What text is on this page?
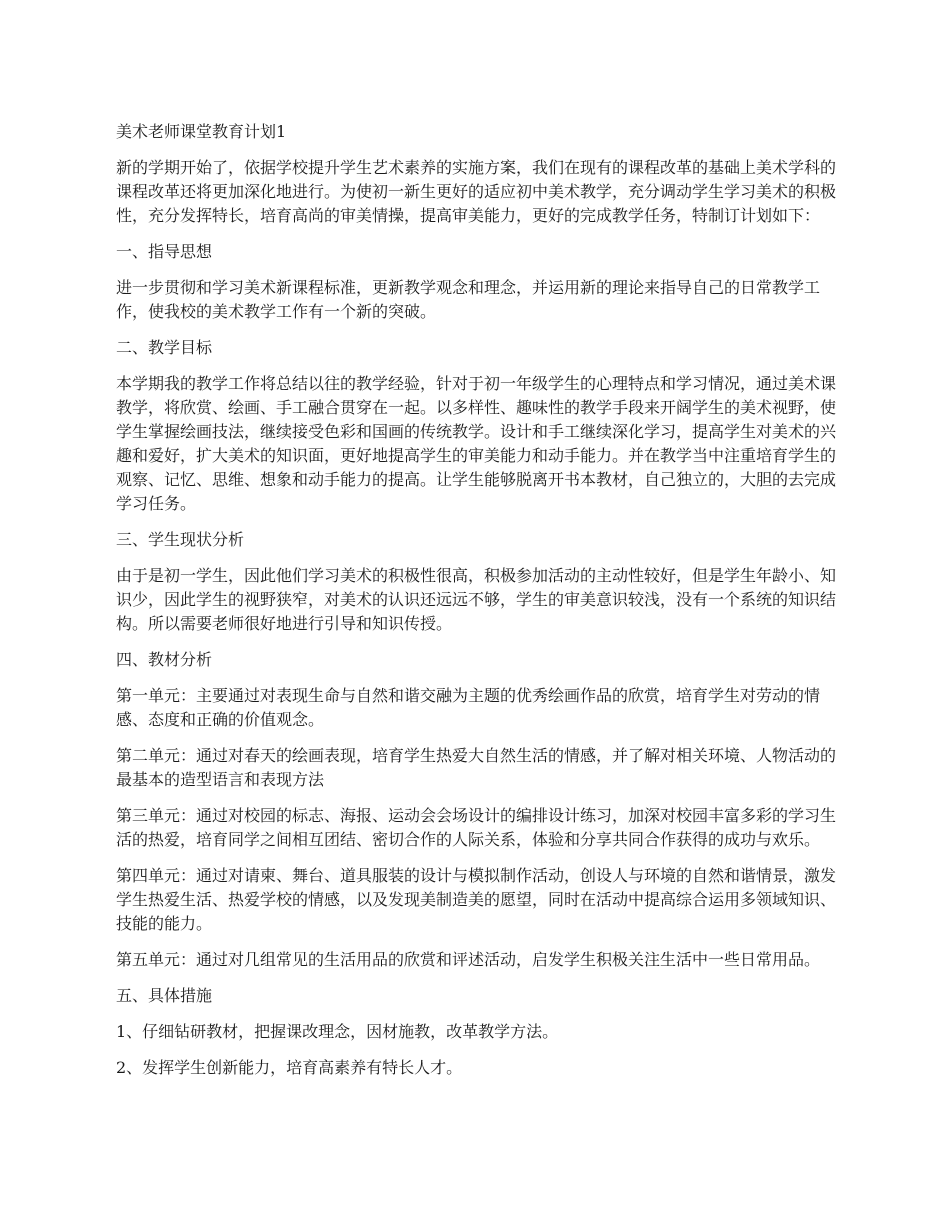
美术老师课堂教育计划1

新的学期开始了，依据学校提升学生艺术素养的实施方案，我们在现有的课程改革的基础上美术学科的课程改革还将更加深化地进行。为使初一新生更好的适应初中美术教学，充分调动学生学习美术的积极性，充分发挥特长，培育高尚的审美情操，提高审美能力，更好的完成教学任务，特制订计划如下：

一、指导思想

进一步贯彻和学习美术新课程标准，更新教学观念和理念，并运用新的理论来指导自己的日常教学工作，使我校的美术教学工作有一个新的突破。

二、教学目标

本学期我的教学工作将总结以往的教学经验，针对于初一年级学生的心理特点和学习情况，通过美术课教学，将欣赏、绘画、手工融合贯穿在一起。以多样性、趣味性的教学手段来开阔学生的美术视野，使学生掌握绘画技法，继续接受色彩和国画的传统教学。设计和手工继续深化学习，提高学生对美术的兴趣和爱好，扩大美术的知识面，更好地提高学生的审美能力和动手能力。并在教学当中注重培育学生的观察、记忆、思维、想象和动手能力的提高。让学生能够脱离开书本教材，自己独立的，大胆的去完成学习任务。

三、学生现状分析

由于是初一学生，因此他们学习美术的积极性很高，积极参加活动的主动性较好，但是学生年龄小、知识少，因此学生的视野狭窄，对美术的认识还远远不够，学生的审美意识较浅，没有一个系统的知识结构。所以需要老师很好地进行引导和知识传授。

四、教材分析

第一单元：主要通过对表现生命与自然和谐交融为主题的优秀绘画作品的欣赏，培育学生对劳动的情感、态度和正确的价值观念。

第二单元：通过对春天的绘画表现，培育学生热爱大自然生活的情感，并了解对相关环境、人物活动的最基本的造型语言和表现方法

第三单元：通过对校园的标志、海报、运动会会场设计的编排设计练习，加深对校园丰富多彩的学习生活的热爱，培育同学之间相互团结、密切合作的人际关系，体验和分享共同合作获得的成功与欢乐。

第四单元：通过对请柬、舞台、道具服装的设计与模拟制作活动，创设人与环境的自然和谐情景，激发学生热爱生活、热爱学校的情感，以及发现美制造美的愿望，同时在活动中提高综合运用多领域知识、技能的能力。

第五单元：通过对几组常见的生活用品的欣赏和评述活动，启发学生积极关注生活中一些日常用品。

五、具体措施

1、仔细钻研教材，把握课改理念，因材施教，改革教学方法。

2、发挥学生创新能力，培育高素养有特长人才。
